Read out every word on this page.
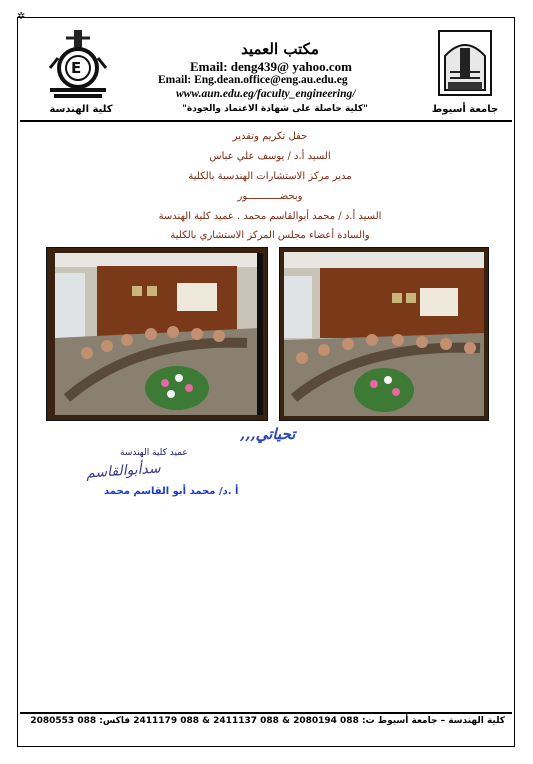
✲
E
مكتب العميد
Email: deng439@ yahoo.com
Email: Eng.dean.office@eng.au.edu.eg
www.aun.edu.eg/faculty_engineering/
كلية الهندسة	"كلية حاصلة على شهادة الاعتماد والجودة"	جامعة أسيوط
حفل تكريم وتقدير
السيد أ.د / يوسف علي عباس
مدير مركز الاستشارات الهندسية بالكلية
وبحضـــــــــــور
السيد أ.د / محمد أبوالقاسم محمد . عميد كلية الهندسة
والسادة أعضاء مجلس المركز الاستشاري بالكلية
تحياتي,,,
عميد كلية الهندسة
سدأبوالقاسم
أ .د/ محمد أبو القاسم محمد
كلية الهندسة – جامعة أسيوط ت: 088 2080194 & 088 2411137 & 088 2411179 فاكس: 088 2080553
